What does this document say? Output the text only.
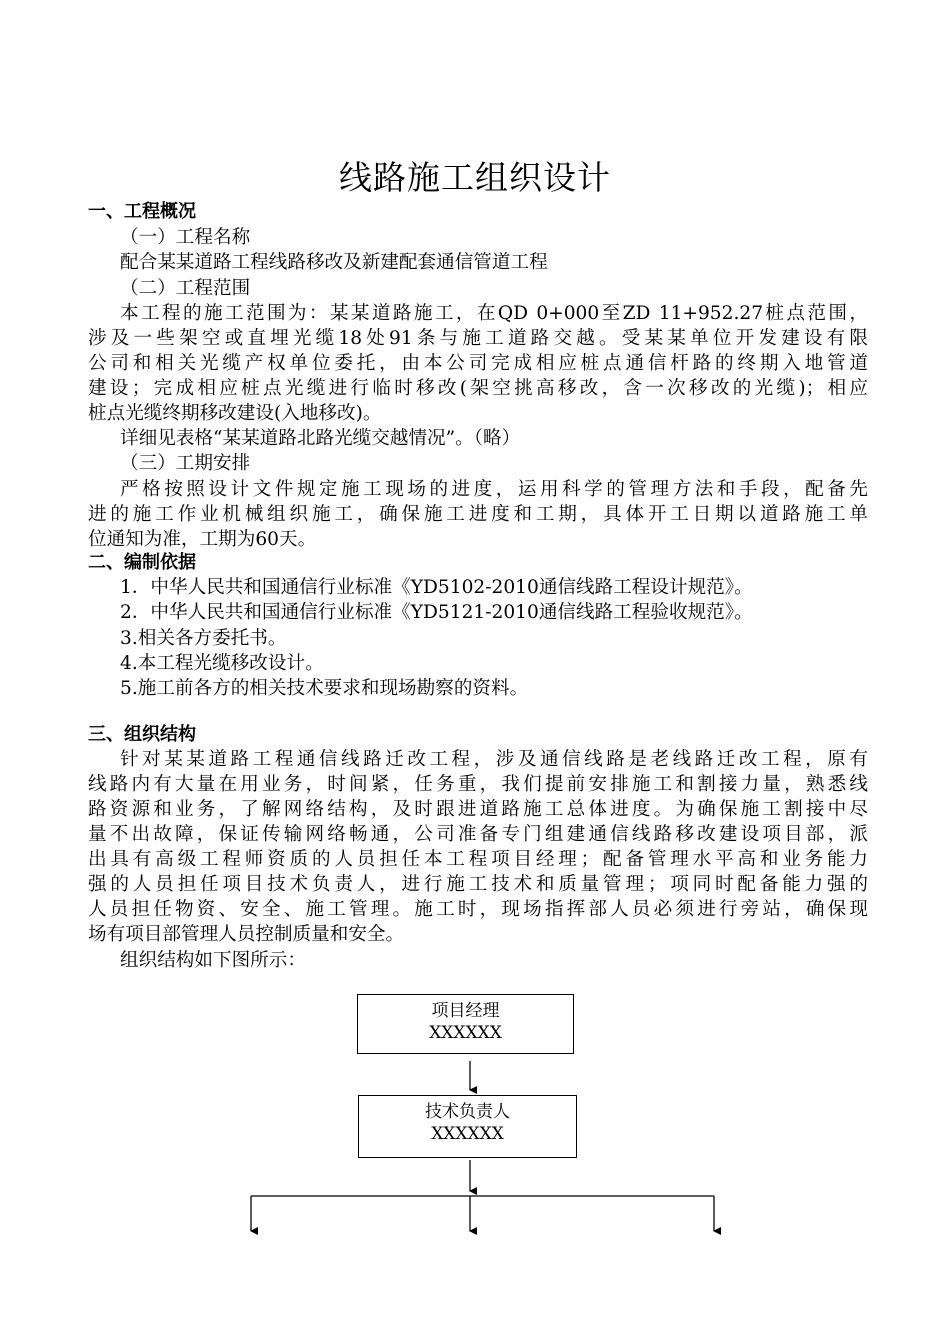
线路施工组织设计
一、工程概况
（一）工程名称
配合某某道路工程线路移改及新建配套通信管道工程
（二）工程范围
本工程的施工范围为：某某道路施工，在QD 0+000至ZD 11+952.27桩点范围，
涉及一些架空或直埋光缆18处91条与施工道路交越。受某某单位开发建设有限
公司和相关光缆产权单位委托，由本公司完成相应桩点通信杆路的终期入地管道
建设；完成相应桩点光缆进行临时移改(架空挑高移改，含一次移改的光缆)；相应
桩点光缆终期移改建设(入地移改)。
详细见表格“某某道路北路光缆交越情况”。（略）
（三）工期安排
严格按照设计文件规定施工现场的进度，运用科学的管理方法和手段，配备先
进的施工作业机械组织施工，确保施工进度和工期，具体开工日期以道路施工单
位通知为准，工期为60天。
二、编制依据
1．中华人民共和国通信行业标准《YD5102-2010通信线路工程设计规范》。
2．中华人民共和国通信行业标准《YD5121-2010通信线路工程验收规范》。
3.相关各方委托书。
4.本工程光缆移改设计。
5.施工前各方的相关技术要求和现场勘察的资料。
三、组织结构
针对某某道路工程通信线路迁改工程，涉及通信线路是老线路迁改工程，原有
线路内有大量在用业务，时间紧，任务重，我们提前安排施工和割接力量，熟悉线
路资源和业务，了解网络结构，及时跟进道路施工总体进度。为确保施工割接中尽
量不出故障，保证传输网络畅通，公司准备专门组建通信线路移改建设项目部，派
出具有高级工程师资质的人员担任本工程项目经理；配备管理水平高和业务能力
强的人员担任项目技术负责人，进行施工技术和质量管理；项同时配备能力强的
人员担任物资、安全、施工管理。施工时，现场指挥部人员必须进行旁站，确保现
场有项目部管理人员控制质量和安全。
组织结构如下图所示：
项目经理
XXXXXX
技术负责人
XXXXXX
